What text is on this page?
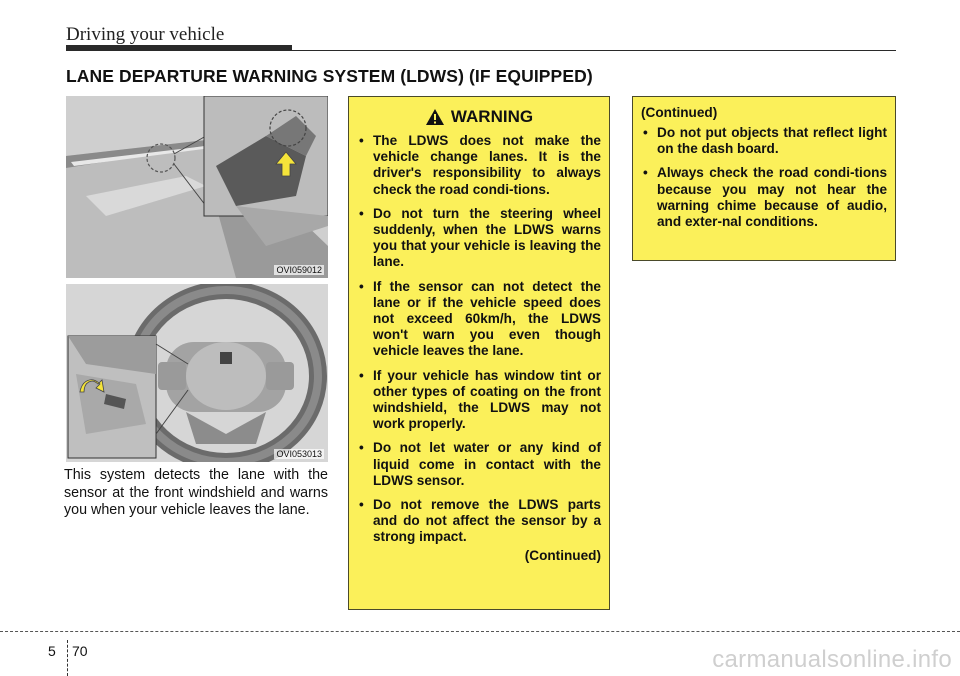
Driving your vehicle
LANE DEPARTURE WARNING SYSTEM (LDWS) (IF EQUIPPED)
OVI059012
OVI053013
This system detects the lane with the sensor at the front windshield and warns you when your vehicle leaves the lane.
WARNING
• The LDWS does not make the vehicle change lanes. It is the driver's responsibility to always check the road condi-tions.
• Do not turn the steering wheel suddenly, when the LDWS warns you that your vehicle is leaving the lane.
• If the sensor can not detect the lane or if the vehicle speed does not exceed 60km/h, the LDWS won't warn you even though vehicle leaves the lane.
• If your vehicle has window tint or other types of coating on the front windshield, the LDWS may not work properly.
• Do not let water or any kind of liquid come in contact with the LDWS sensor.
• Do not remove the LDWS parts and do not affect the sensor by a strong impact.
(Continued)
(Continued)
• Do not put objects that reflect light on the dash board.
• Always check the road condi-tions because you may not hear the warning chime because of audio, and exter-nal conditions.
5 70	carmanualsonline.info
